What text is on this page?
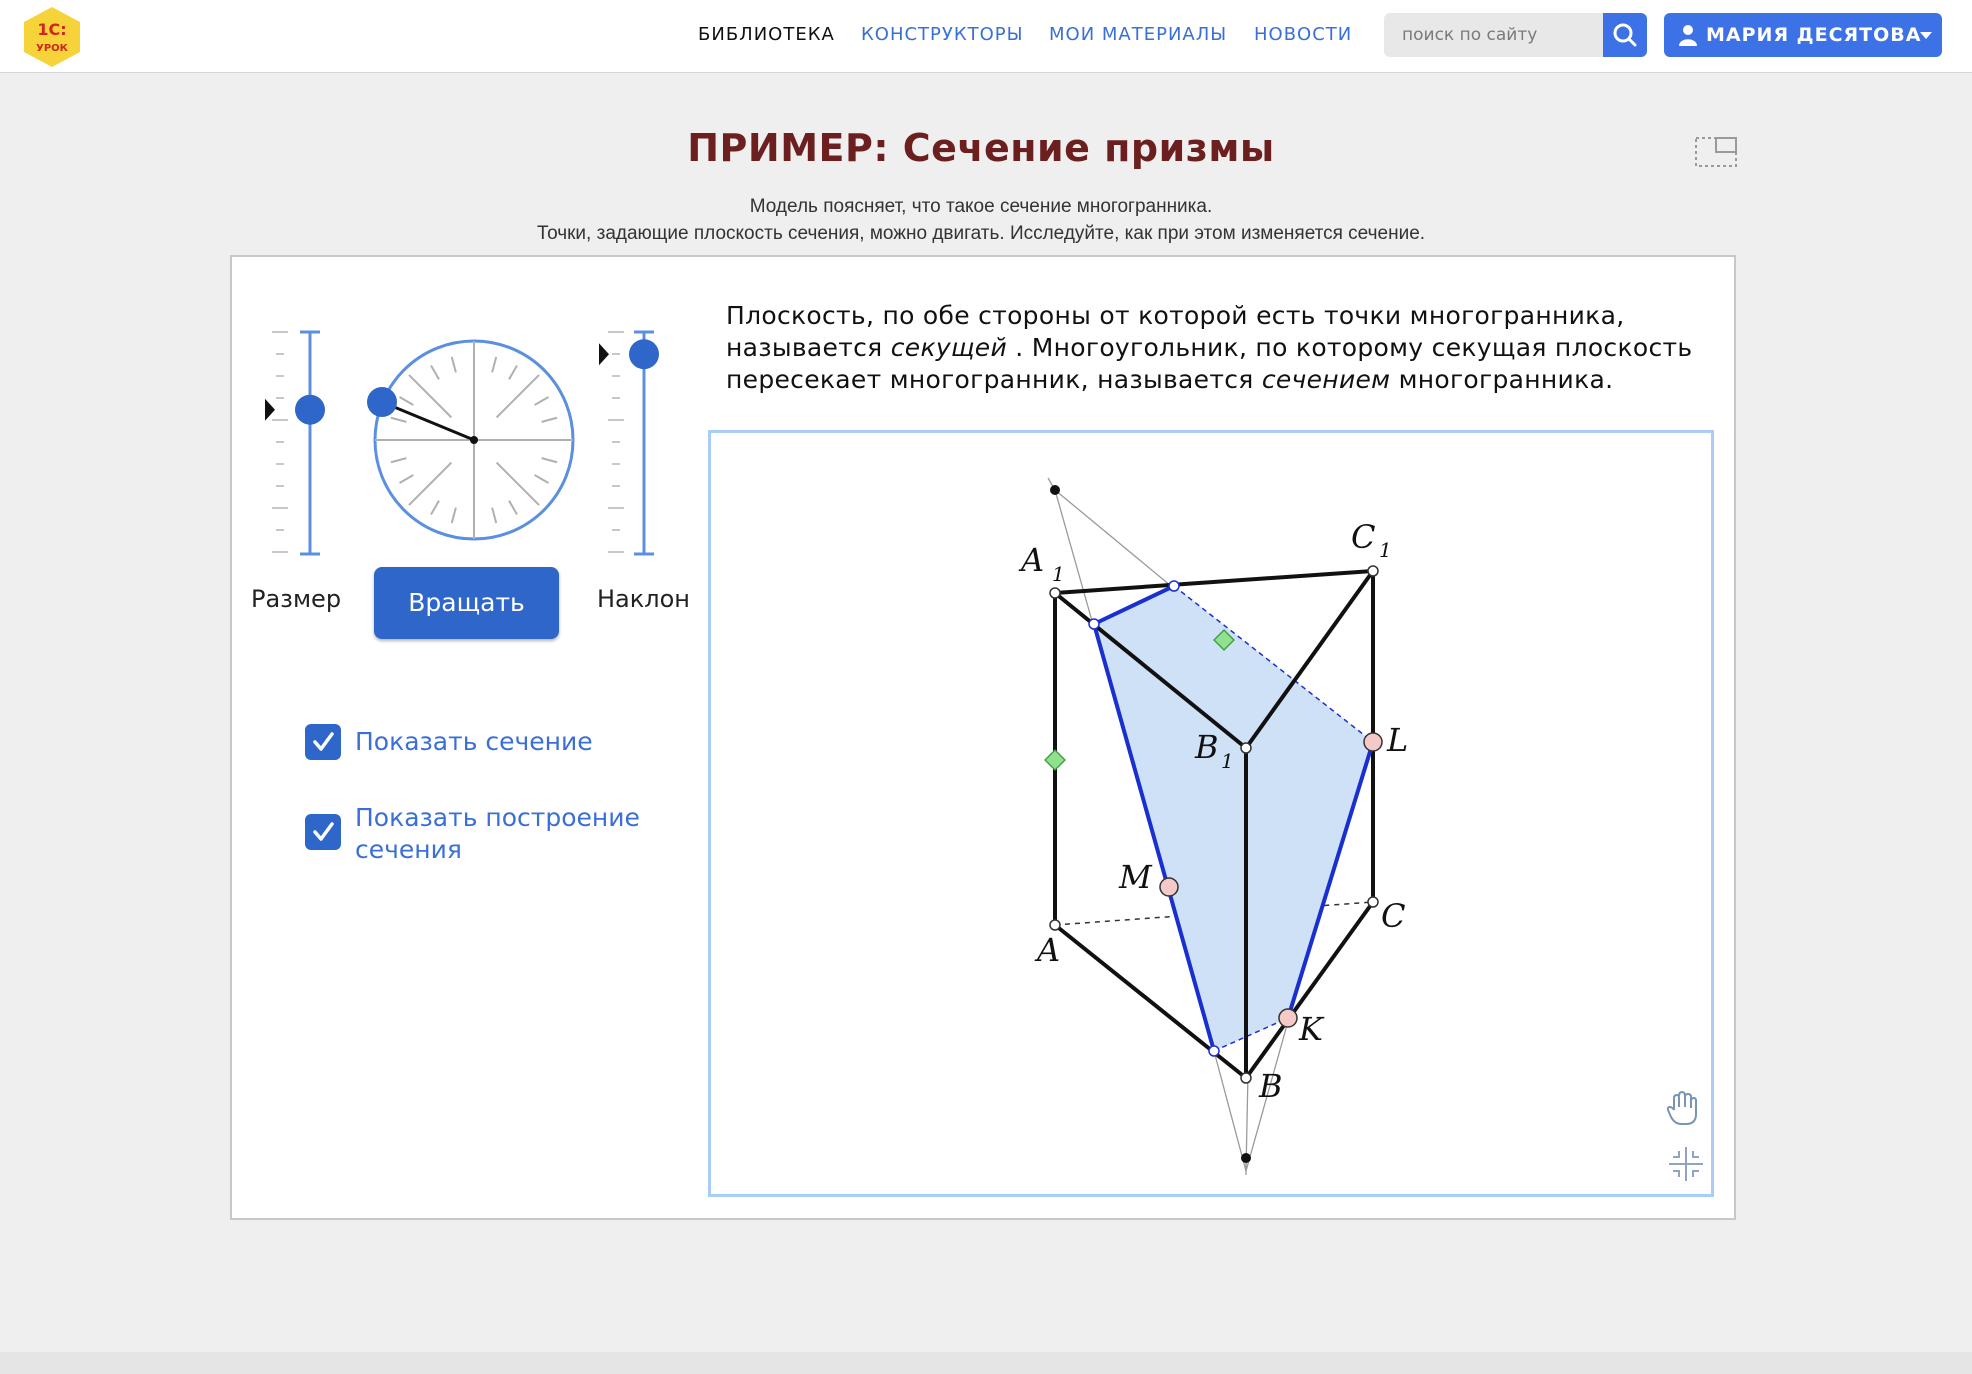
1С:
УРОК
БИБЛИОТЕКА КОНСТРУКТОРЫ МОИ МАТЕРИАЛЫ НОВОСТИ
поиск по сайту	МАРИЯ ДЕСЯТОВА
ПРИМЕР: Сечение призмы
Модель поясняет, что такое сечение многогранника.
Точки, задающие плоскость сечения, можно двигать. Исследуйте, как при этом изменяется сечение.
Размер	Вращать	Наклон
Показать сечение
Показать построение
сечения
Плоскость, по обе стороны от которой есть точки многогранника, называется секущей . Многоугольник, по которому секущая плоскость пересекает многогранник, называется сечением многогранника.
A 1
C 1
B 1
A
C
B
L
M
K
